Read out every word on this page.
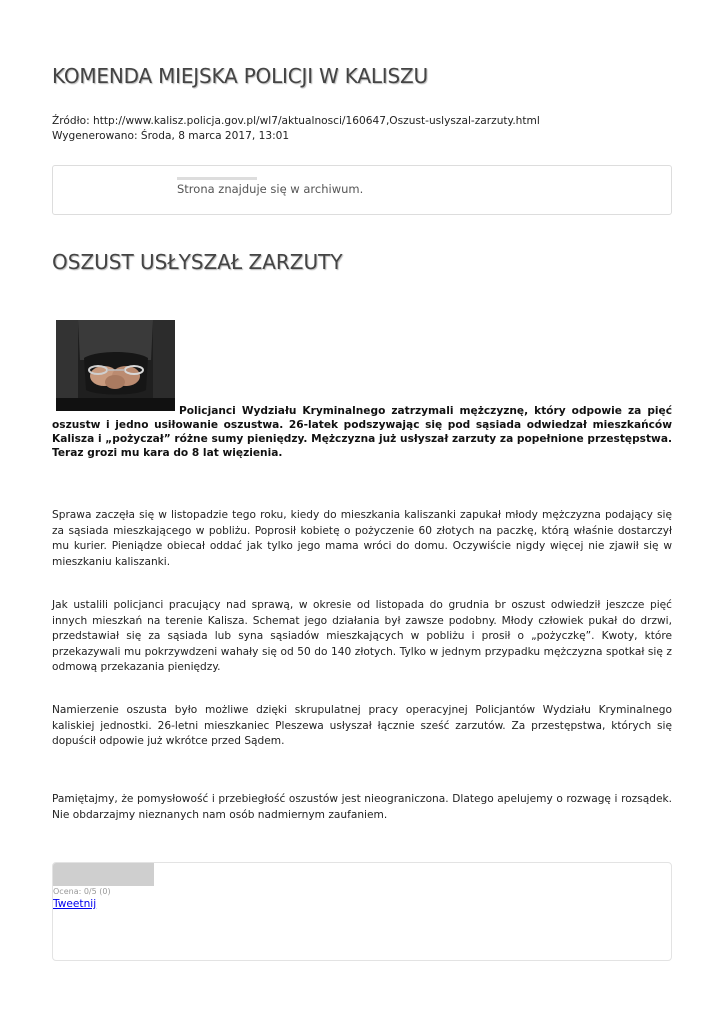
KOMENDA MIEJSKA POLICJI W KALISZU
Źródło: http://www.kalisz.policja.gov.pl/wl7/aktualnosci/160647,Oszust-uslyszal-zarzuty.html
Wygenerowano: Środa, 8 marca 2017, 13:01
Strona znajduje się w archiwum.
OSZUST USŁYSZAŁ ZARZUTY

Policjanci Wydziału Kryminalnego zatrzymali mężczyznę, który odpowie za pięć oszustw i jedno usiłowanie oszustwa. 26-latek podszywając się pod sąsiada odwiedzał mieszkańców Kalisza i „pożyczał” różne sumy pieniędzy. Mężczyzna już usłyszał zarzuty za popełnione przestępstwa. Teraz grozi mu kara do 8 lat więzienia.

Sprawa zaczęła się w listopadzie tego roku, kiedy do mieszkania kaliszanki zapukał młody mężczyzna podający się za sąsiada mieszkającego w pobliżu. Poprosił kobietę o pożyczenie 60 złotych na paczkę, którą właśnie dostarczył mu kurier. Pieniądze obiecał oddać jak tylko jego mama wróci do domu. Oczywiście nigdy więcej nie zjawił się w mieszkaniu kaliszanki.

Jak ustalili policjanci pracujący nad sprawą, w okresie od listopada do grudnia br oszust odwiedził jeszcze pięć innych mieszkań na terenie Kalisza. Schemat jego działania był zawsze podobny. Młody człowiek pukał do drzwi, przedstawiał się za sąsiada lub syna sąsiadów mieszkających w pobliżu i prosił o „pożyczkę”. Kwoty, które przekazywali mu pokrzywdzeni wahały się od 50 do 140 złotych. Tylko w jednym przypadku mężczyzna spotkał się z odmową przekazania pieniędzy.

Namierzenie oszusta było możliwe dzięki skrupulatnej pracy operacyjnej Policjantów Wydziału Kryminalnego kaliskiej jednostki. 26-letni mieszkaniec Pleszewa usłyszał łącznie sześć zarzutów. Za przestępstwa, których się dopuścił odpowie już wkrótce przed Sądem.

Pamiętajmy, że pomysłowość i przebiegłość oszustów jest nieograniczona. Dlatego apelujemy o rozwagę i rozsądek. Nie obdarzajmy nieznanych nam osób nadmiernym zaufaniem.

Ocena: 0/5 (0)
Tweetnij
